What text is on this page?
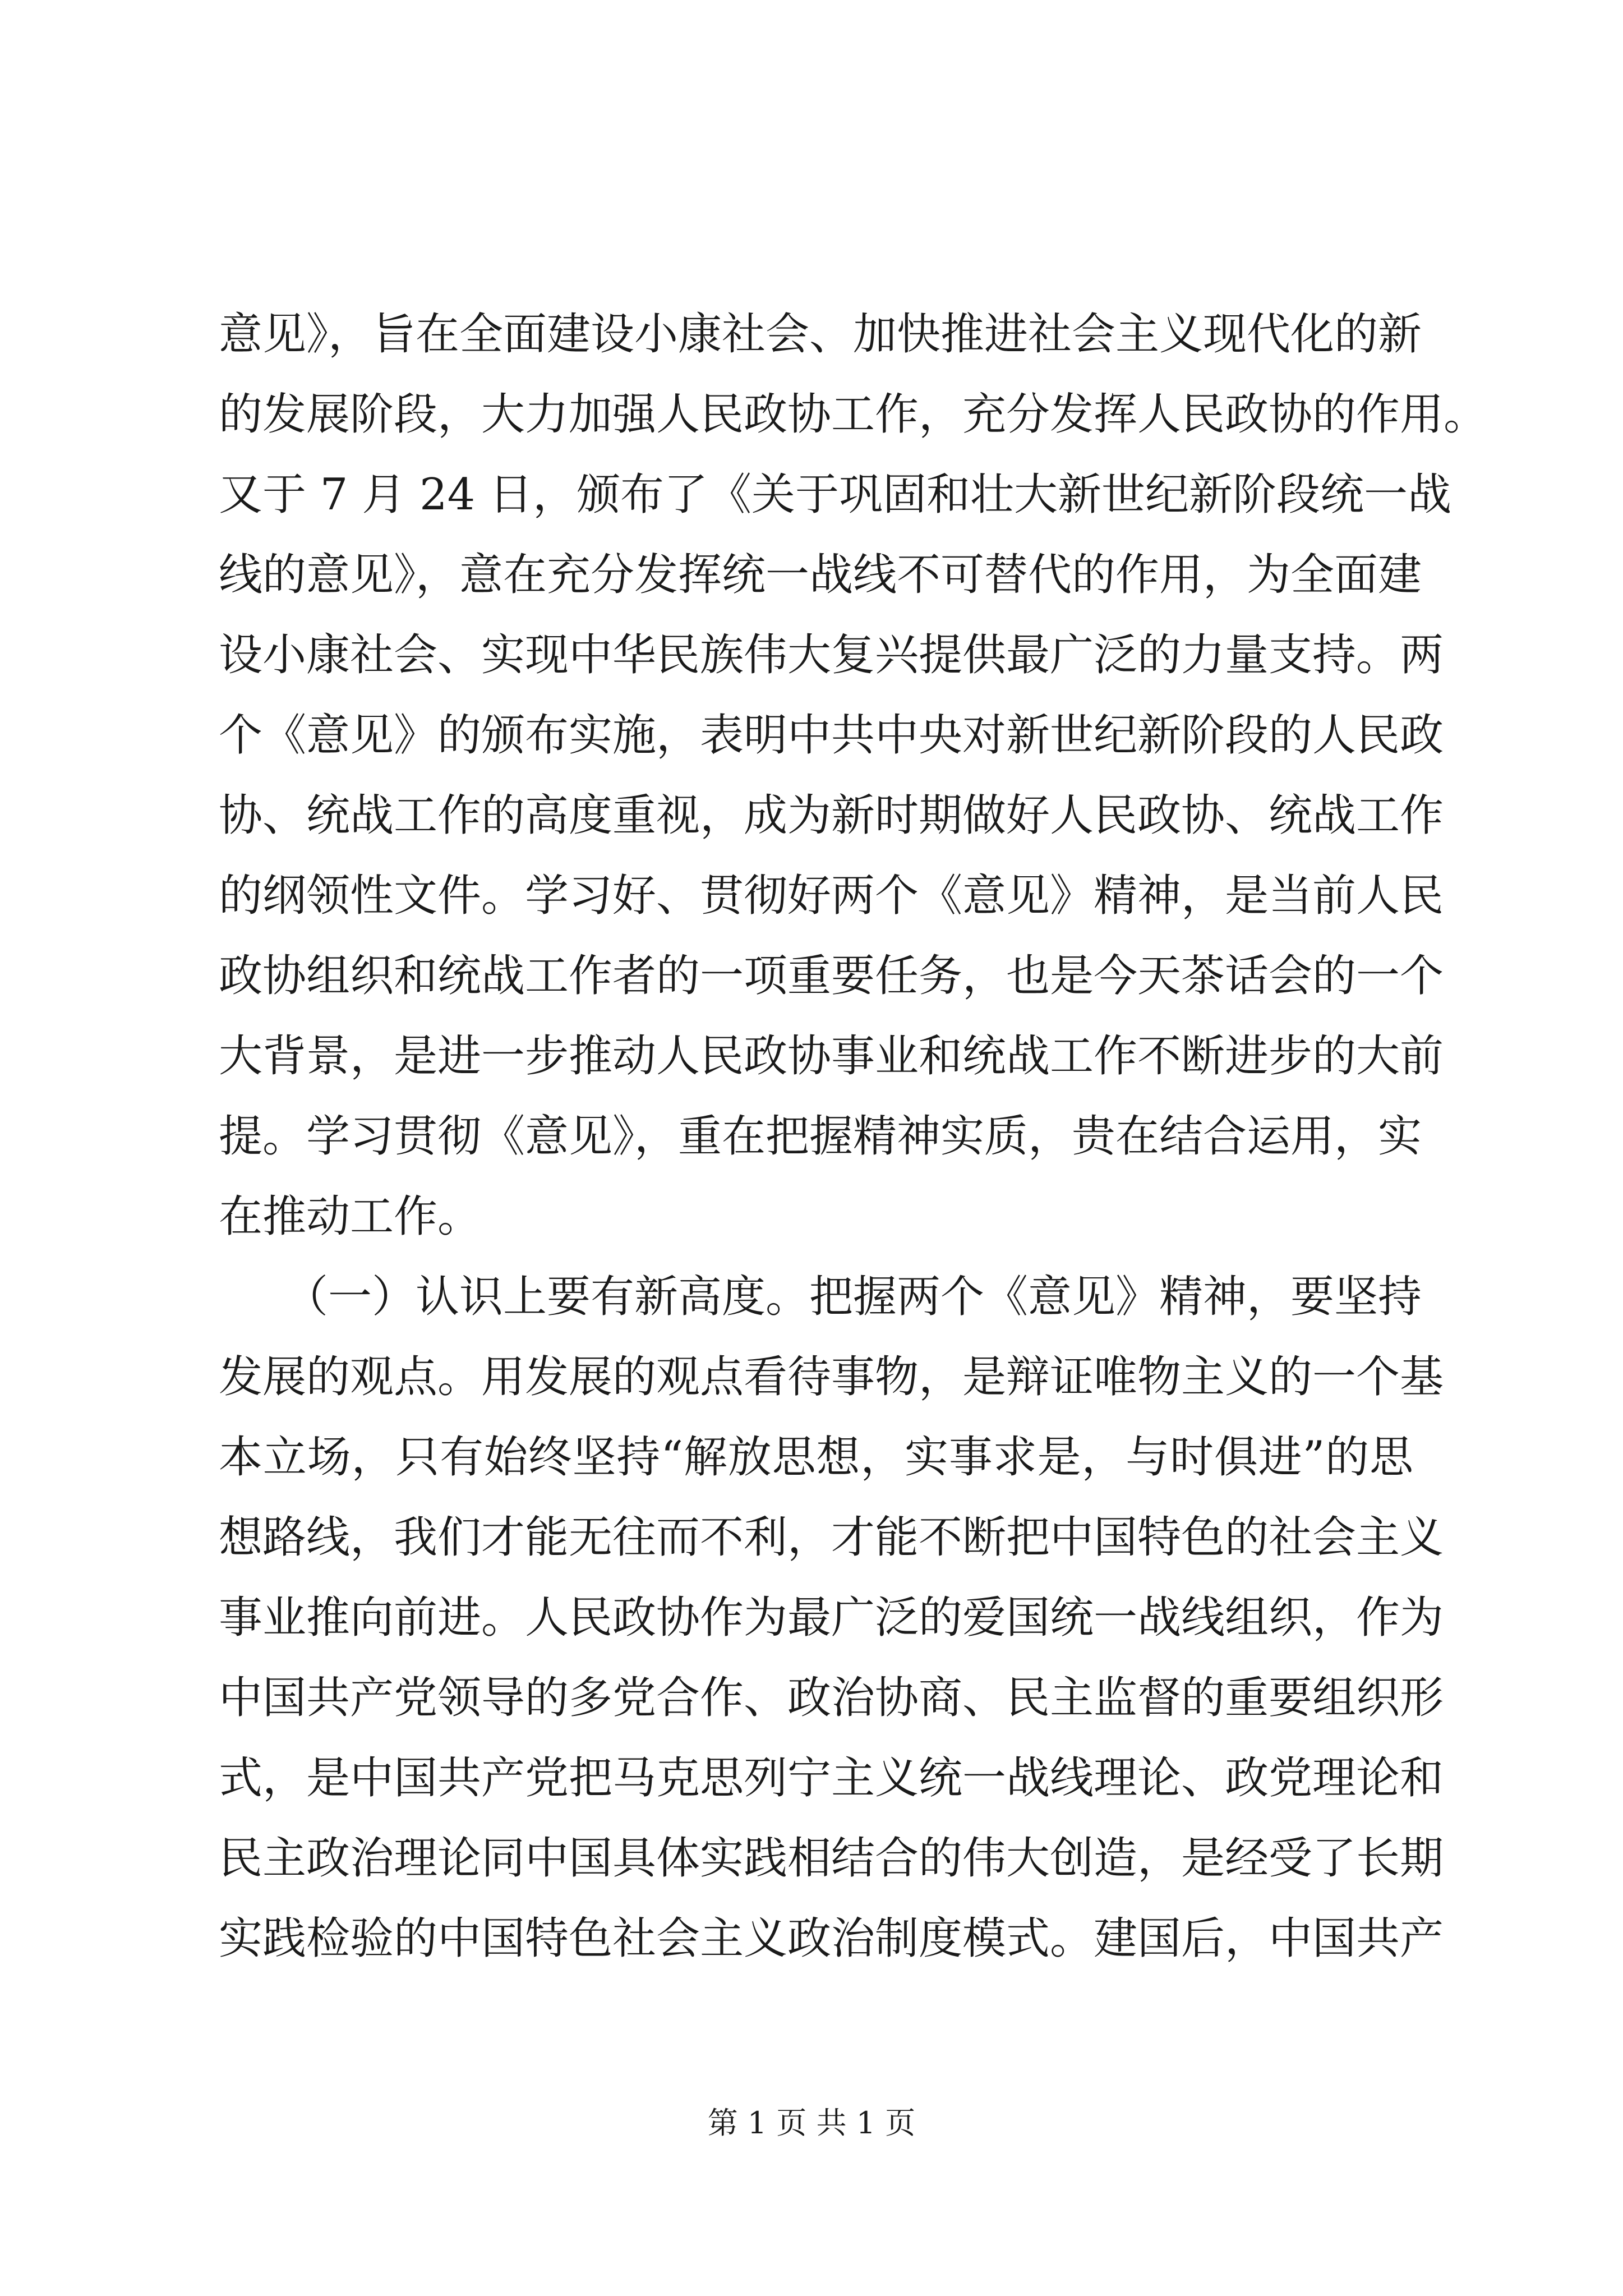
意见》，旨在全面建设小康社会、加快推进社会主义现代化的新
的发展阶段，大力加强人民政协工作，充分发挥人民政协的作用。
又于 7 月 24 日，颁布了《关于巩固和壮大新世纪新阶段统一战
线的意见》，意在充分发挥统一战线不可替代的作用，为全面建
设小康社会、实现中华民族伟大复兴提供最广泛的力量支持。两
个《意见》的颁布实施，表明中共中央对新世纪新阶段的人民政
协、统战工作的高度重视，成为新时期做好人民政协、统战工作
的纲领性文件。学习好、贯彻好两个《意见》精神，是当前人民
政协组织和统战工作者的一项重要任务，也是今天茶话会的一个
大背景，是进一步推动人民政协事业和统战工作不断进步的大前
提。学习贯彻《意见》，重在把握精神实质，贵在结合运用，实
在推动工作。
　　（一）认识上要有新高度。把握两个《意见》精神，要坚持
发展的观点。用发展的观点看待事物，是辩证唯物主义的一个基
本立场，只有始终坚持“解放思想，实事求是，与时俱进”的思
想路线，我们才能无往而不利，才能不断把中国特色的社会主义
事业推向前进。人民政协作为最广泛的爱国统一战线组织，作为
中国共产党领导的多党合作、政治协商、民主监督的重要组织形
式，是中国共产党把马克思列宁主义统一战线理论、政党理论和
民主政治理论同中国具体实践相结合的伟大创造，是经受了长期
实践检验的中国特色社会主义政治制度模式。建国后，中国共产
第 1 页 共 1 页
